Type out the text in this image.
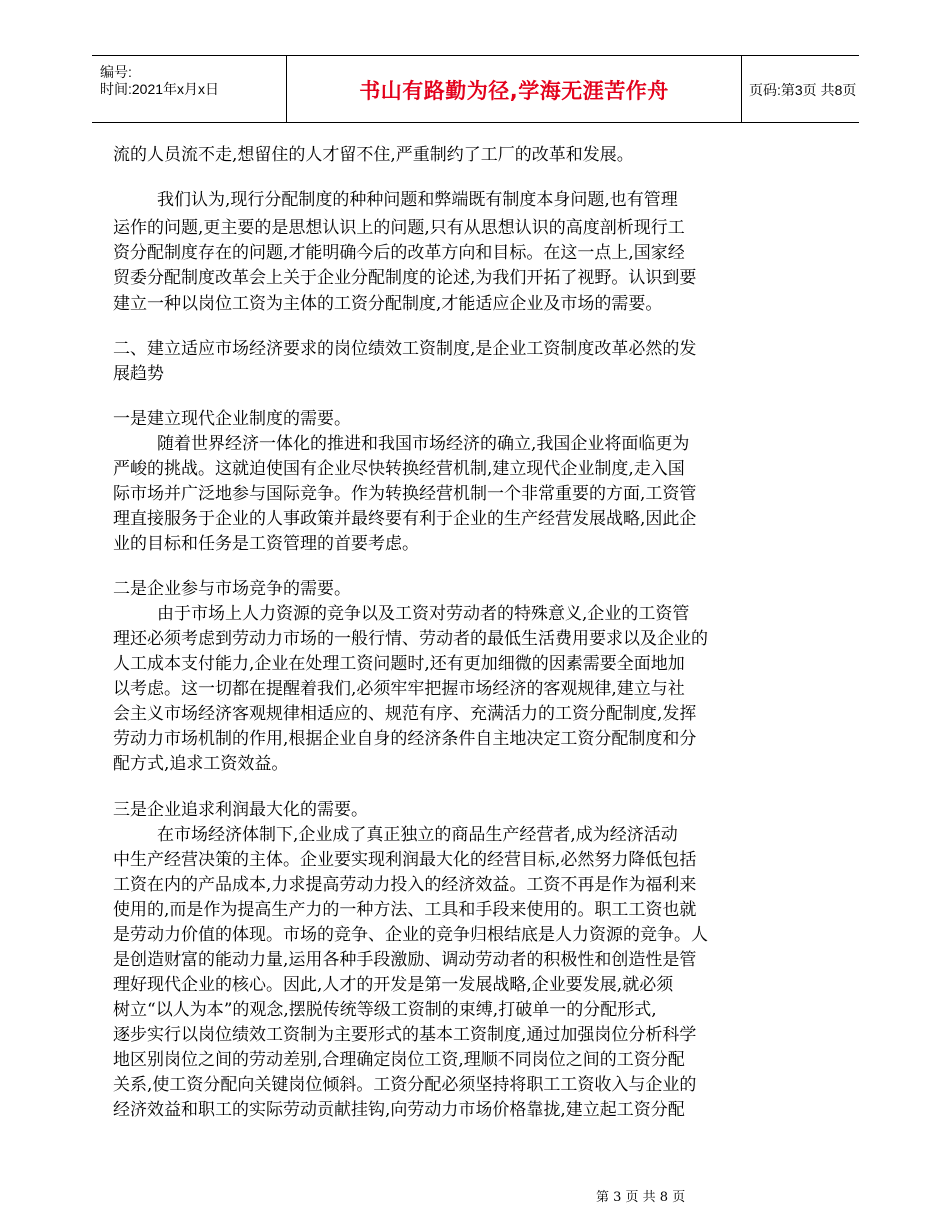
编号:
时间:2021年x月x日	书山有路勤为径,学海无涯苦作舟	页码:第3页 共8页
流的人员流不走,想留住的人才留不住,严重制约了工厂的改革和发展。
我们认为,现行分配制度的种种问题和弊端既有制度本身问题,也有管理
运作的问题,更主要的是思想认识上的问题,只有从思想认识的高度剖析现行工
资分配制度存在的问题,才能明确今后的改革方向和目标。在这一点上,国家经
贸委分配制度改革会上关于企业分配制度的论述,为我们开拓了视野。认识到要
建立一种以岗位工资为主体的工资分配制度,才能适应企业及市场的需要。
二、建立适应市场经济要求的岗位绩效工资制度,是企业工资制度改革必然的发
展趋势
一是建立现代企业制度的需要。
随着世界经济一体化的推进和我国市场经济的确立,我国企业将面临更为
严峻的挑战。这就迫使国有企业尽快转换经营机制,建立现代企业制度,走入国
际市场并广泛地参与国际竞争。作为转换经营机制一个非常重要的方面,工资管
理直接服务于企业的人事政策并最终要有利于企业的生产经营发展战略,因此企
业的目标和任务是工资管理的首要考虑。
二是企业参与市场竞争的需要。
由于市场上人力资源的竞争以及工资对劳动者的特殊意义,企业的工资管
理还必须考虑到劳动力市场的一般行情、劳动者的最低生活费用要求以及企业的
人工成本支付能力,企业在处理工资问题时,还有更加细微的因素需要全面地加
以考虑。这一切都在提醒着我们,必须牢牢把握市场经济的客观规律,建立与社
会主义市场经济客观规律相适应的、规范有序、充满活力的工资分配制度,发挥
劳动力市场机制的作用,根据企业自身的经济条件自主地决定工资分配制度和分
配方式,追求工资效益。
三是企业追求利润最大化的需要。
在市场经济体制下,企业成了真正独立的商品生产经营者,成为经济活动
中生产经营决策的主体。企业要实现利润最大化的经营目标,必然努力降低包括
工资在内的产品成本,力求提高劳动力投入的经济效益。工资不再是作为福利来
使用的,而是作为提高生产力的一种方法、工具和手段来使用的。职工工资也就
是劳动力价值的体现。市场的竞争、企业的竞争归根结底是人力资源的竞争。人
是创造财富的能动力量,运用各种手段激励、调动劳动者的积极性和创造性是管
理好现代企业的核心。因此,人才的开发是第一发展战略,企业要发展,就必须
树立“以人为本”的观念,摆脱传统等级工资制的束缚,打破单一的分配形式,
逐步实行以岗位绩效工资制为主要形式的基本工资制度,通过加强岗位分析科学
地区别岗位之间的劳动差别,合理确定岗位工资,理顺不同岗位之间的工资分配
关系,使工资分配向关键岗位倾斜。工资分配必须坚持将职工工资收入与企业的
经济效益和职工的实际劳动贡献挂钩,向劳动力市场价格靠拢,建立起工资分配
第 3 页 共 8 页
